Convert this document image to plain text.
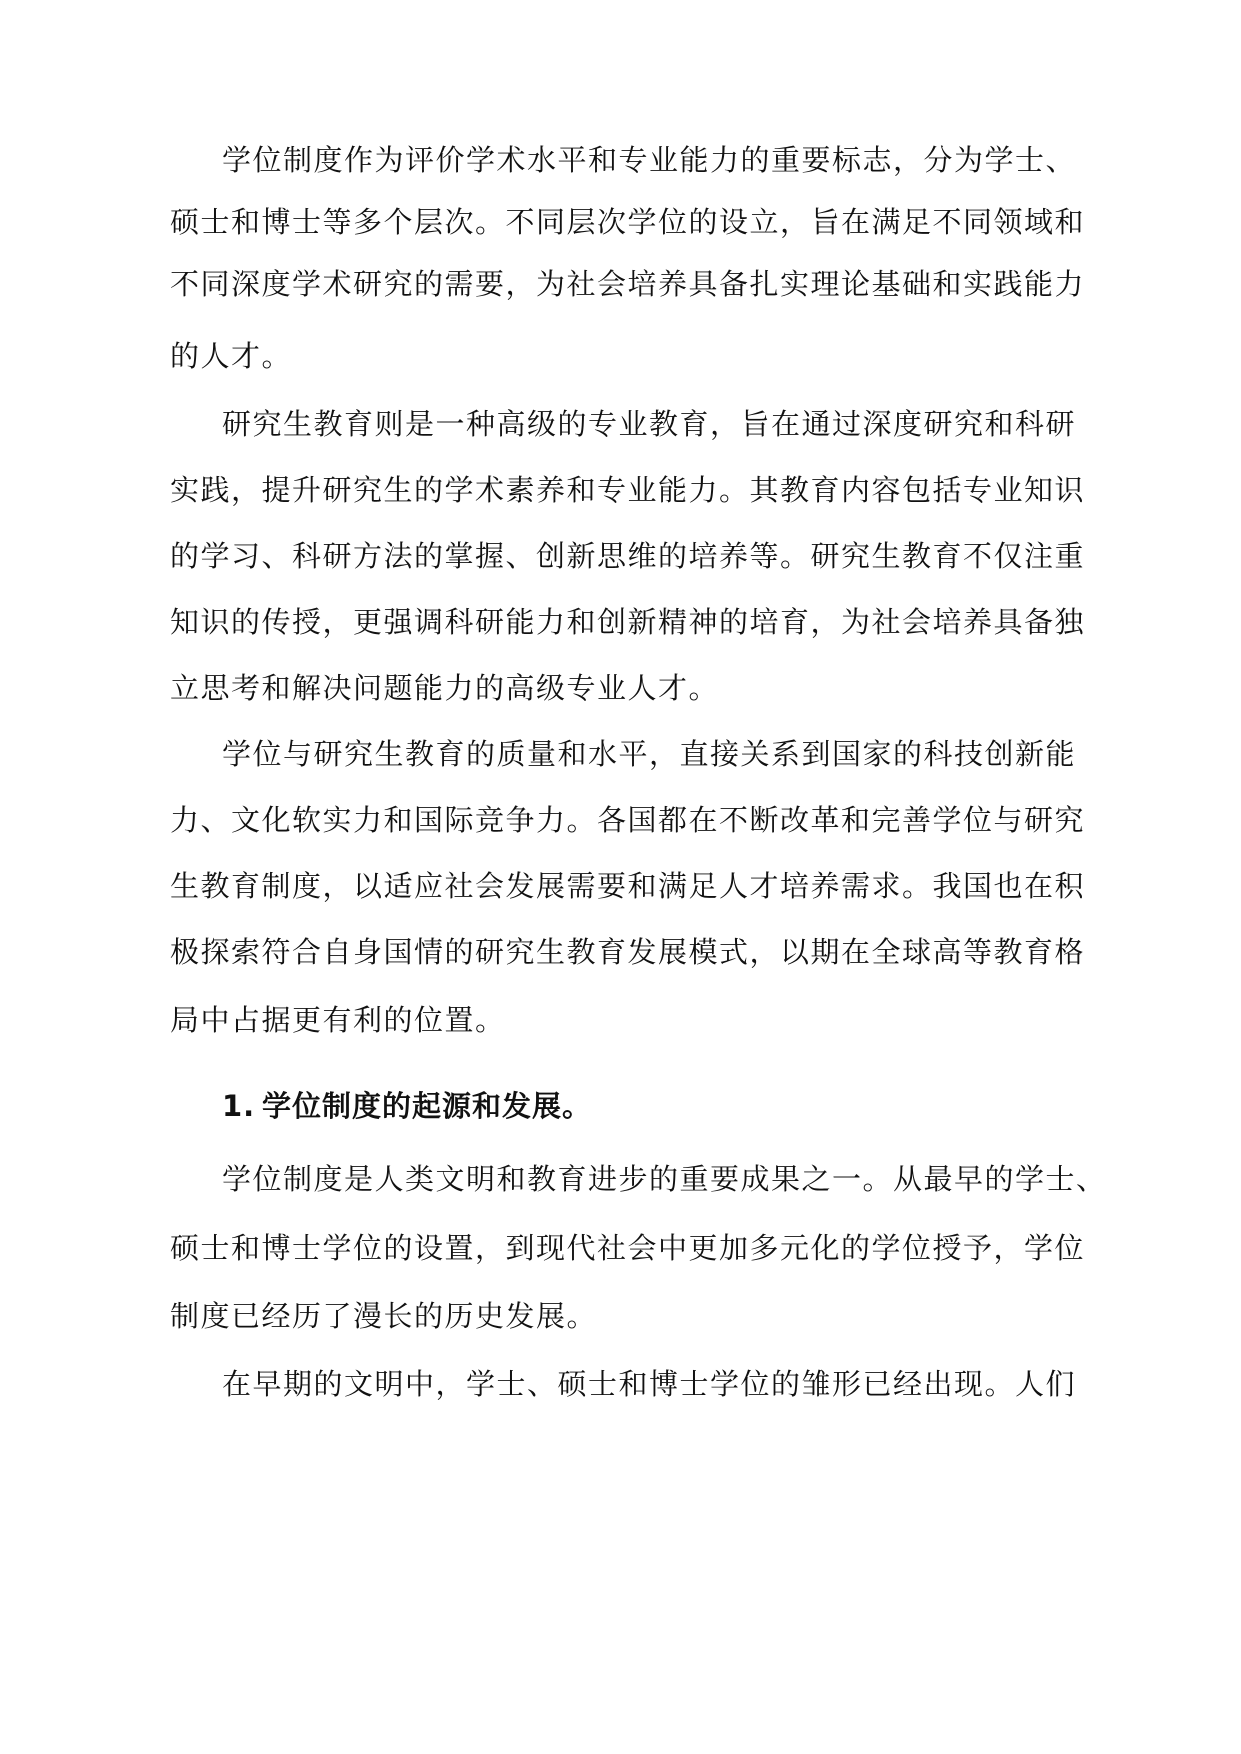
学位制度作为评价学术水平和专业能力的重要标志，分为学士、
硕士和博士等多个层次。不同层次学位的设立，旨在满足不同领域和
不同深度学术研究的需要，为社会培养具备扎实理论基础和实践能力
的人才。
研究生教育则是一种高级的专业教育，旨在通过深度研究和科研
实践，提升研究生的学术素养和专业能力。其教育内容包括专业知识
的学习、科研方法的掌握、创新思维的培养等。研究生教育不仅注重
知识的传授，更强调科研能力和创新精神的培育，为社会培养具备独
立思考和解决问题能力的高级专业人才。
学位与研究生教育的质量和水平，直接关系到国家的科技创新能
力、文化软实力和国际竞争力。各国都在不断改革和完善学位与研究
生教育制度，以适应社会发展需要和满足人才培养需求。我国也在积
极探索符合自身国情的研究生教育发展模式，以期在全球高等教育格
局中占据更有利的位置。
1. 学位制度的起源和发展。
学位制度是人类文明和教育进步的重要成果之一。从最早的学士、
硕士和博士学位的设置，到现代社会中更加多元化的学位授予，学位
制度已经历了漫长的历史发展。
在早期的文明中，学士、硕士和博士学位的雏形已经出现。人们
